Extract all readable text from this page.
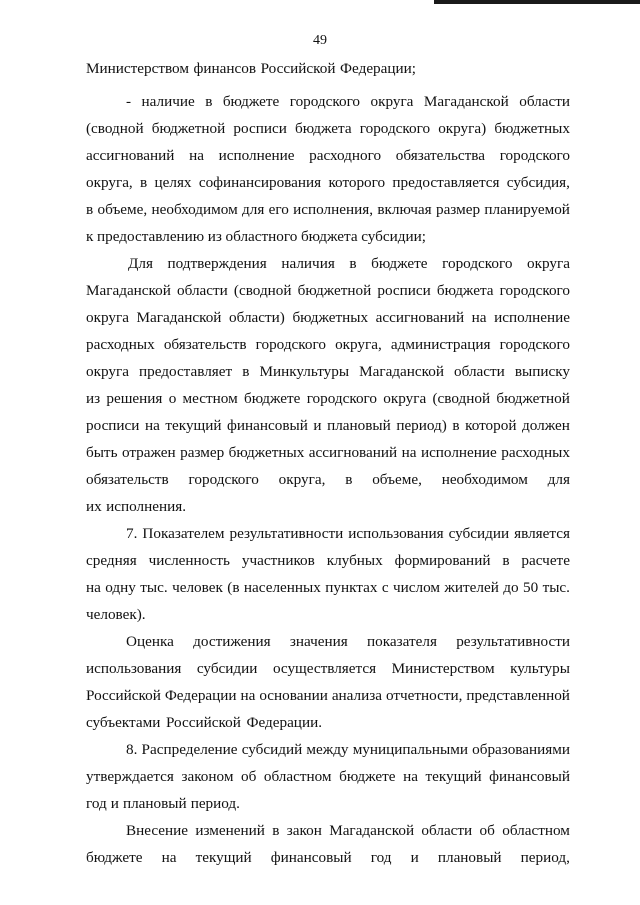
49
Министерством финансов Российской Федерации;
- наличие в бюджете городского округа Магаданской области
(сводной бюджетной росписи бюджета городского округа) бюджетных
ассигнований на исполнение расходного обязательства городского
округа, в целях софинансирования которого предоставляется субсидия,
в объеме, необходимом для его исполнения, включая размер планируемой
к предоставлению из областного бюджета субсидии;
Для подтверждения наличия в бюджете городского округа
Магаданской области (сводной бюджетной росписи бюджета городского
округа Магаданской области) бюджетных ассигнований на исполнение
расходных обязательств городского округа, администрация городского
округа предоставляет в Минкультуры Магаданской области выписку
из решения о местном бюджете городского округа (сводной бюджетной
росписи на текущий финансовый и плановый период) в которой должен
быть отражен размер бюджетных ассигнований на исполнение расходных
обязательств городского округа, в объеме, необходимом для
их исполнения.
7. Показателем результативности использования субсидии является
средняя численность участников клубных формирований в расчете
на одну тыс. человек (в населенных пунктах с числом жителей до 50 тыс.
человек).
Оценка достижения значения показателя результативности
использования субсидии осуществляется Министерством культуры
Российской Федерации на основании анализа отчетности, представленной
субъектами Российской Федерации.
8. Распределение субсидий между муниципальными образованиями
утверждается законом об областном бюджете на текущий финансовый
год и плановый период.
Внесение изменений в закон Магаданской области об областном
бюджете на текущий финансовый год и плановый период,
